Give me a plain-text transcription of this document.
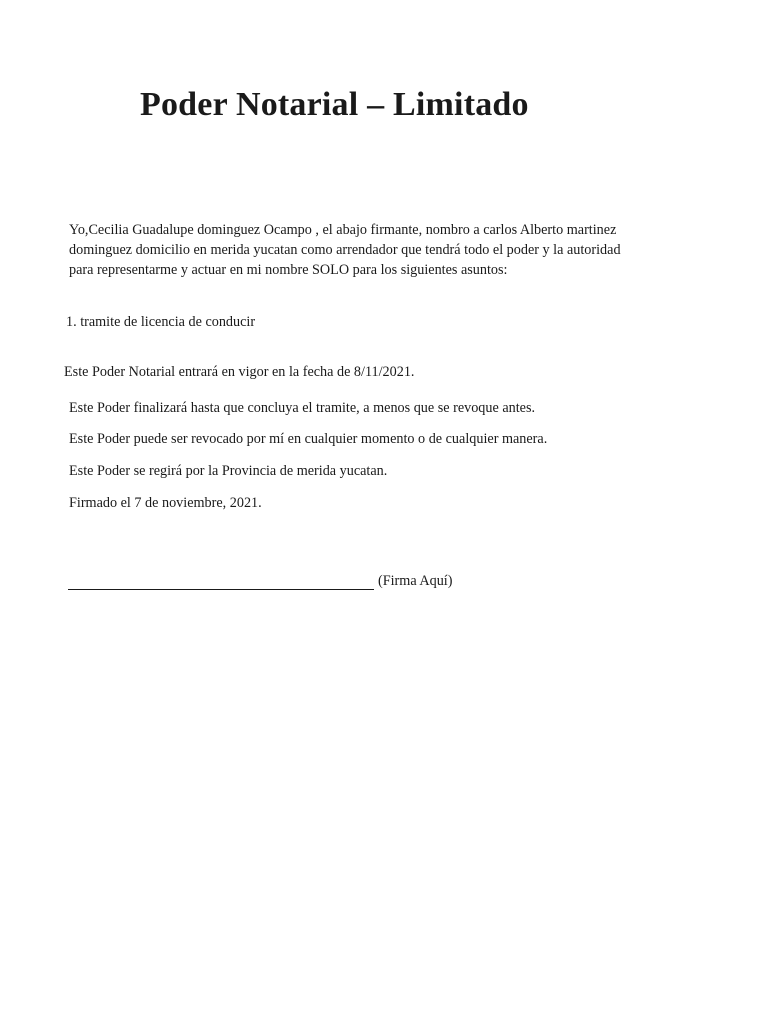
Poder Notarial – Limitado
Yo,Cecilia Guadalupe dominguez Ocampo , el abajo firmante, nombro a carlos Alberto martinez
dominguez domicilio en merida yucatan como arrendador que tendrá todo el poder y la autoridad
para representarme y actuar en mi nombre SOLO para los siguientes asuntos:
1. tramite de licencia de conducir
Este Poder Notarial entrará en vigor en la fecha de 8/11/2021.
Este Poder finalizará hasta que concluya el tramite, a menos que se revoque antes.
Este Poder puede ser revocado por mí en cualquier momento o de cualquier manera.
Este Poder se regirá por la Provincia de merida yucatan.
Firmado el 7 de noviembre, 2021.
(Firma Aquí)
